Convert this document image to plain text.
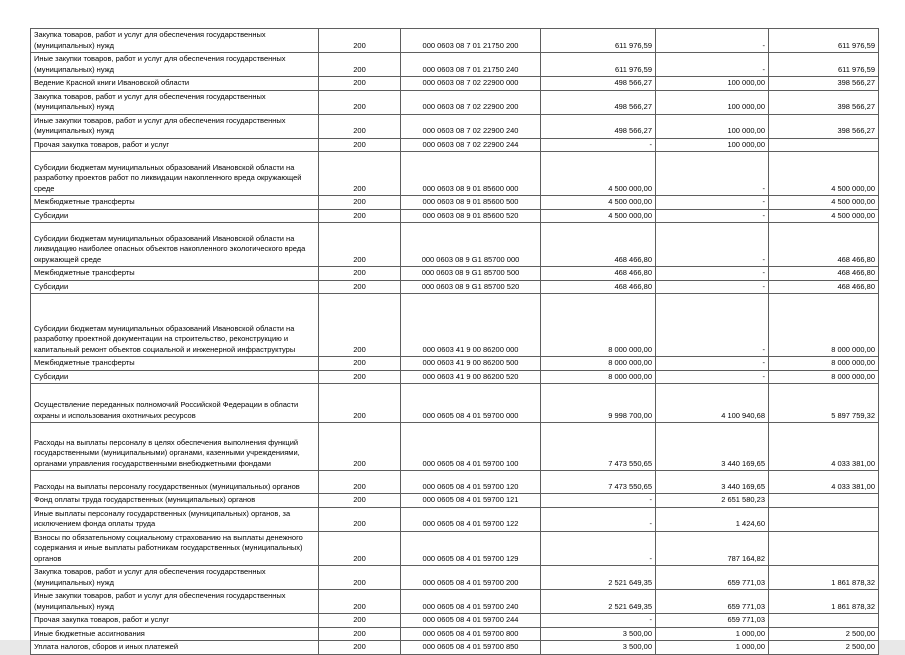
Закупка товаров, работ и услуг для обеспечения государственных (муниципальных) нужд	200	000 0603 08 7 01 21750 200	611 976,59	-	611 976,59
Иные закупки товаров, работ и услуг для обеспечения государственных (муниципальных) нужд	200	000 0603 08 7 01 21750 240	611 976,59	-	611 976,59
Ведение Красной книги Ивановской области	200	000 0603 08 7 02 22900 000	498 566,27	100 000,00	398 566,27
Закупка товаров, работ и услуг для обеспечения государственных (муниципальных) нужд	200	000 0603 08 7 02 22900 200	498 566,27	100 000,00	398 566,27
Иные закупки товаров, работ и услуг для обеспечения государственных (муниципальных) нужд	200	000 0603 08 7 02 22900 240	498 566,27	100 000,00	398 566,27
Прочая закупка товаров, работ и услуг	200	000 0603 08 7 02 22900 244	-	100 000,00	
Субсидии бюджетам муниципальных образований Ивановской области на разработку проектов работ по ликвидации накопленного вреда окружающей среде	200	000 0603 08 9 01 85600 000	4 500 000,00	-	4 500 000,00
Межбюджетные трансферты	200	000 0603 08 9 01 85600 500	4 500 000,00	-	4 500 000,00
Субсидии	200	000 0603 08 9 01 85600 520	4 500 000,00	-	4 500 000,00
Субсидии бюджетам муниципальных образований Ивановской области на ликвидацию наиболее опасных объектов накопленного экологического вреда окружающей среде	200	000 0603 08 9 G1 85700 000	468 466,80	-	468 466,80
Межбюджетные трансферты	200	000 0603 08 9 G1 85700 500	468 466,80	-	468 466,80
Субсидии	200	000 0603 08 9 G1 85700 520	468 466,80	-	468 466,80
Субсидии бюджетам муниципальных образований Ивановской области на разработку проектной документации на строительство, реконструкцию и капитальный ремонт объектов социальной и инженерной инфраструктуры	200	000 0603 41 9 00 86200 000	8 000 000,00	-	8 000 000,00
Межбюджетные трансферты	200	000 0603 41 9 00 86200 500	8 000 000,00	-	8 000 000,00
Субсидии	200	000 0603 41 9 00 86200 520	8 000 000,00	-	8 000 000,00
Осуществление переданных полномочий Российской Федерации в области охраны и использования охотничьих ресурсов	200	000 0605 08 4 01 59700 000	9 998 700,00	4 100 940,68	5 897 759,32
Расходы на выплаты персоналу в целях обеспечения выполнения функций государственными (муниципальными) органами, казенными учреждениями, органами управления государственными внебюджетными фондами	200	000 0605 08 4 01 59700 100	7 473 550,65	3 440 169,65	4 033 381,00
Расходы на выплаты персоналу государственных (муниципальных) органов	200	000 0605 08 4 01 59700 120	7 473 550,65	3 440 169,65	4 033 381,00
Фонд оплаты труда государственных (муниципальных) органов	200	000 0605 08 4 01 59700 121	-	2 651 580,23	
Иные выплаты персоналу государственных (муниципальных) органов, за исключением фонда оплаты труда	200	000 0605 08 4 01 59700 122	-	1 424,60	
Взносы по обязательному социальному страхованию на выплаты денежного содержания и иные выплаты работникам государственных (муниципальных) органов	200	000 0605 08 4 01 59700 129	-	787 164,82	
Закупка товаров, работ и услуг для обеспечения государственных (муниципальных) нужд	200	000 0605 08 4 01 59700 200	2 521 649,35	659 771,03	1 861 878,32
Иные закупки товаров, работ и услуг для обеспечения государственных (муниципальных) нужд	200	000 0605 08 4 01 59700 240	2 521 649,35	659 771,03	1 861 878,32
Прочая закупка товаров, работ и услуг	200	000 0605 08 4 01 59700 244	-	659 771,03	
Иные бюджетные ассигнования	200	000 0605 08 4 01 59700 800	3 500,00	1 000,00	2 500,00
Уплата налогов, сборов и иных платежей	200	000 0605 08 4 01 59700 850	3 500,00	1 000,00	2 500,00
